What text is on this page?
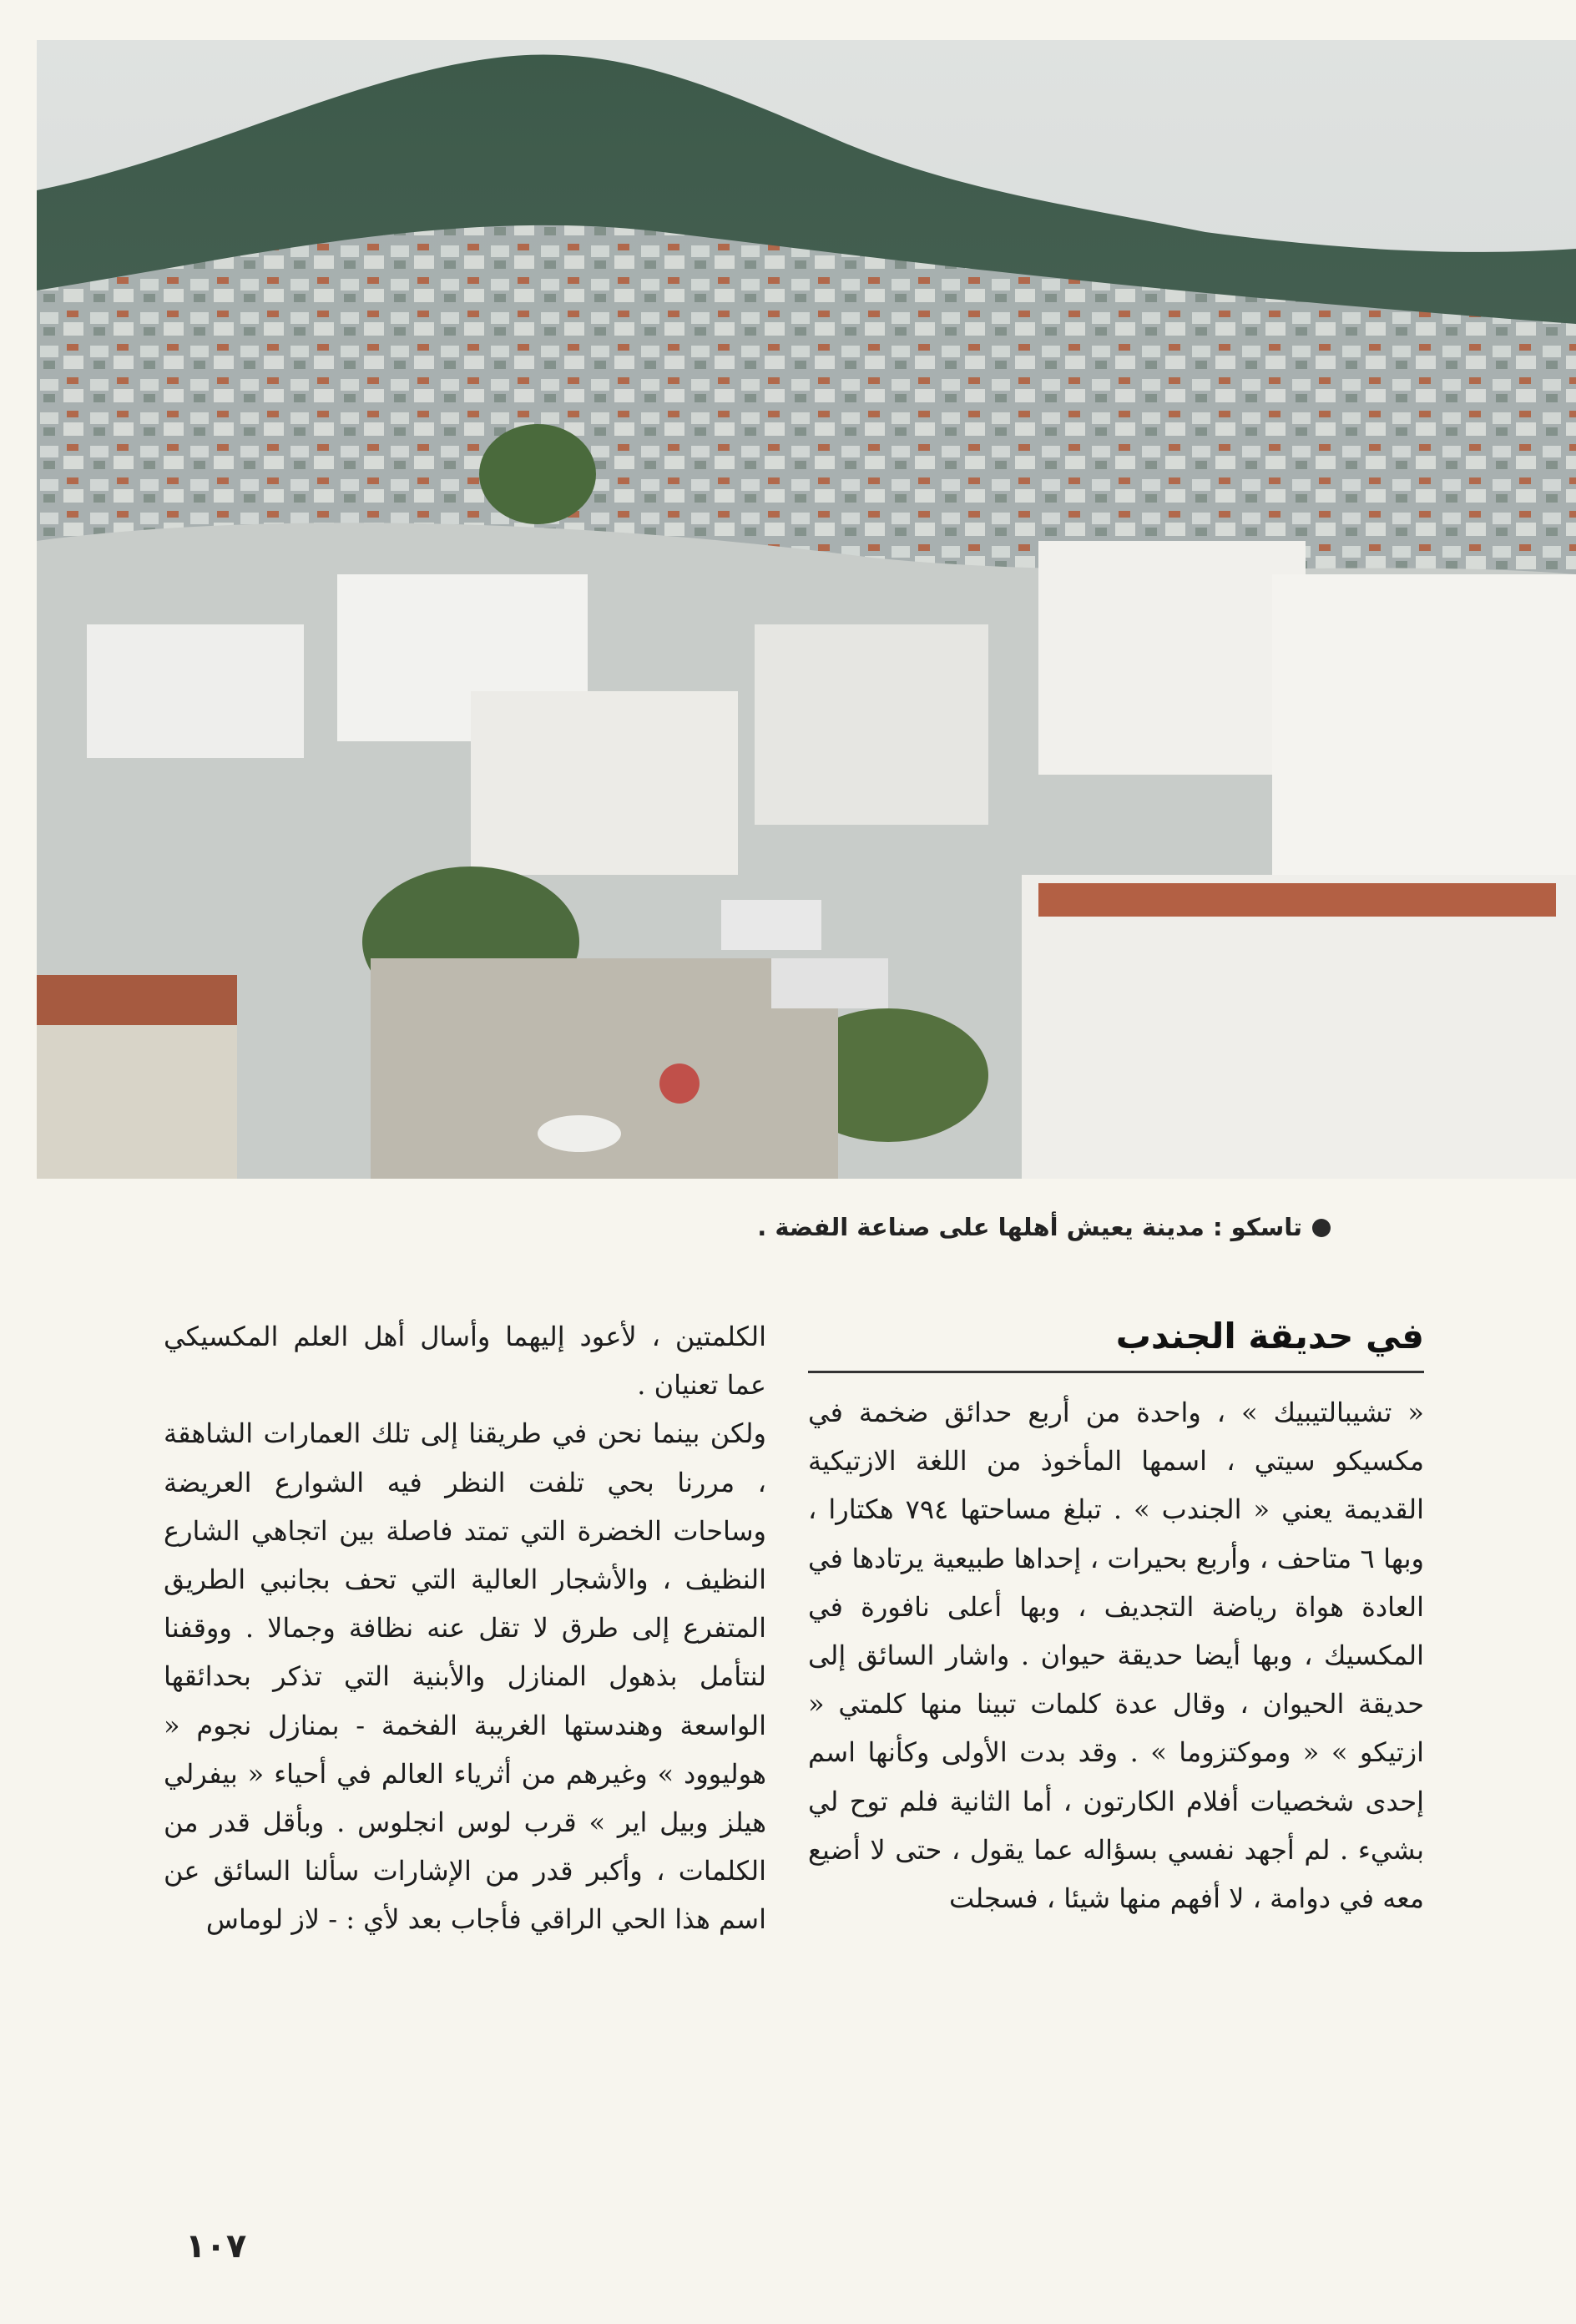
تاسكو : مدينة يعيش أهلها على صناعة الفضة .
في حديقة الجندب

« تشيبالتيبيك » ، واحدة من أربع حدائق ضخمة في مكسيكو سيتي ، اسمها المأخوذ من اللغة الازتيكية القديمة يعني « الجندب » . تبلغ مساحتها ٧٩٤ هكتارا ، وبها ٦ متاحف ، وأربع بحيرات ، إحداها طبيعية يرتادها في العادة هواة رياضة التجديف ، وبها أعلى نافورة في المكسيك ، وبها أيضا حديقة حيوان . واشار السائق إلى حديقة الحيوان ، وقال عدة كلمات تبينا منها كلمتي « ازتيكو » « وموكتزوما » . وقد بدت الأولى وكأنها اسم إحدى شخصيات أفلام الكارتون ، أما الثانية فلم توح لي بشيء . لم أجهد نفسي بسؤاله عما يقول ، حتى لا أضيع معه في دوامة ، لا أفهم منها شيئا ، فسجلت

الكلمتين ، لأعود إليهما وأسال أهل العلم المكسيكي عما تعنيان .

ولكن بينما نحن في طريقنا إلى تلك العمارات الشاهقة ، مررنا بحي تلفت النظر فيه الشوارع العريضة وساحات الخضرة التي تمتد فاصلة بين اتجاهي الشارع النظيف ، والأشجار العالية التي تحف بجانبي الطريق المتفرع إلى طرق لا تقل عنه نظافة وجمالا . ووقفنا لنتأمل بذهول المنازل والأبنية التي تذكر بحدائقها الواسعة وهندستها الغريبة الفخمة - بمنازل نجوم « هوليوود » وغيرهم من أثرياء العالم في أحياء « بيفرلي هيلز وبيل اير » قرب لوس انجلوس . وبأقل قدر من الكلمات ، وأكبر قدر من الإشارات سألنا السائق عن اسم هذا الحي الراقي فأجاب بعد لأي : - لاز لوماس

١٠٧
